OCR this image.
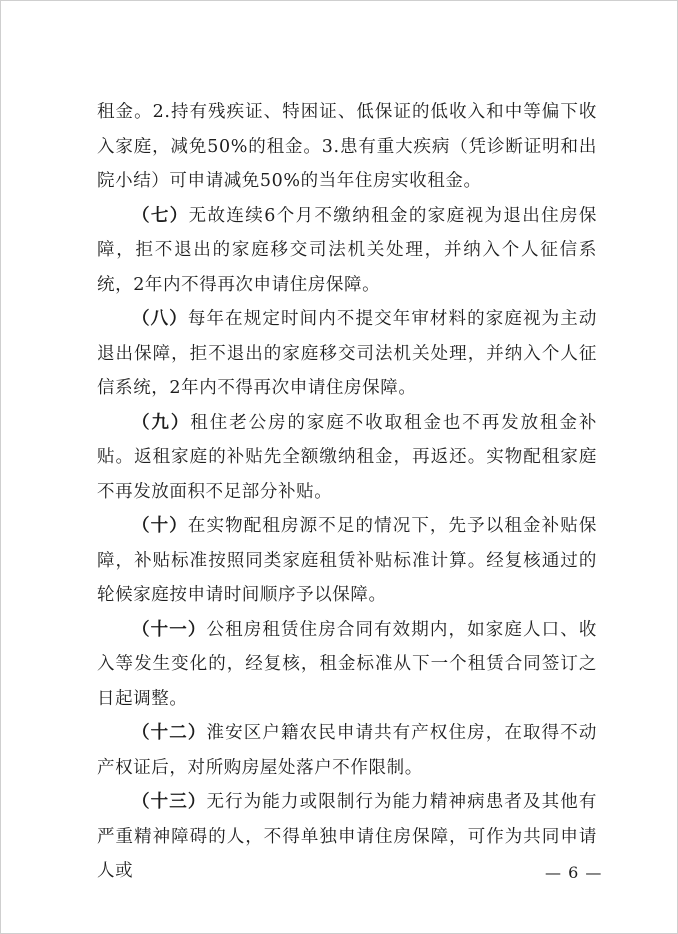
租金。2.持有残疾证、特困证、低保证的低收入和中等偏下收入家庭，减免50%的租金。3.患有重大疾病（凭诊断证明和出院小结）可申请减免50%的当年住房实收租金。

（七）无故连续6个月不缴纳租金的家庭视为退出住房保障，拒不退出的家庭移交司法机关处理，并纳入个人征信系统，2年内不得再次申请住房保障。

（八）每年在规定时间内不提交年审材料的家庭视为主动退出保障，拒不退出的家庭移交司法机关处理，并纳入个人征信系统，2年内不得再次申请住房保障。

（九）租住老公房的家庭不收取租金也不再发放租金补贴。返租家庭的补贴先全额缴纳租金，再返还。实物配租家庭不再发放面积不足部分补贴。

（十）在实物配租房源不足的情况下，先予以租金补贴保障，补贴标准按照同类家庭租赁补贴标准计算。经复核通过的轮候家庭按申请时间顺序予以保障。

（十一）公租房租赁住房合同有效期内，如家庭人口、收入等发生变化的，经复核，租金标准从下一个租赁合同签订之日起调整。

（十二）淮安区户籍农民申请共有产权住房，在取得不动产权证后，对所购房屋处落户不作限制。

（十三）无行为能力或限制行为能力精神病患者及其他有严重精神障碍的人，不得单独申请住房保障，可作为共同申请人或	— 6 —
